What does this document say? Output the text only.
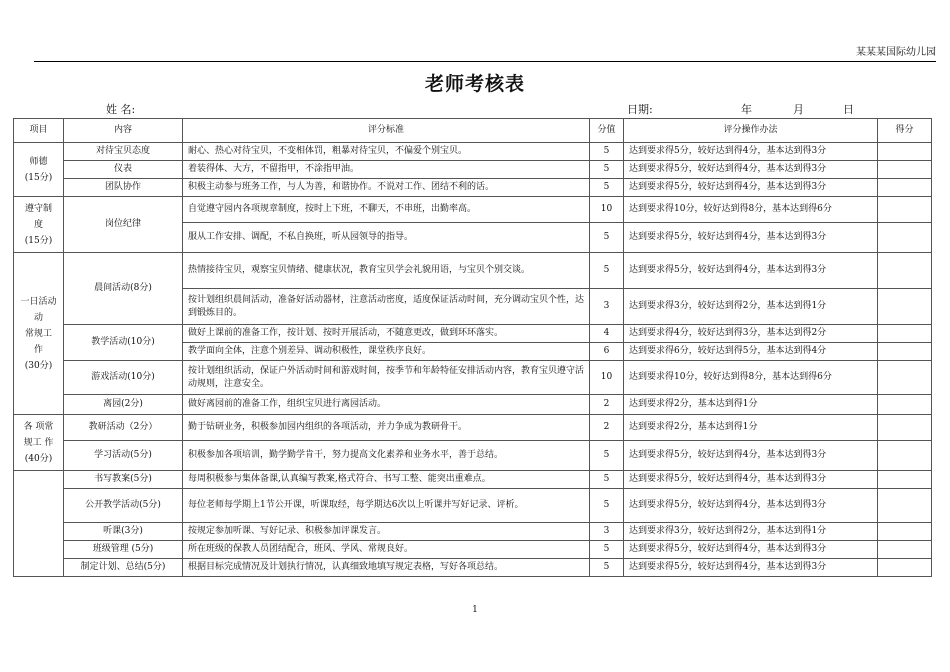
某某某国际幼儿园
老师考核表
姓 名:	日期:	年	月	日
项目	内容	评分标准	分值	评分操作办法	得分

师德
(15分)	对待宝贝态度	耐心、热心对待宝贝，不变相体罚，粗暴对待宝贝，不偏爱个别宝贝。	5	达到要求得5分，较好达到得4分，基本达到得3分	
	仪表	着装得体、大方，不留指甲，不涂指甲油。	5	达到要求得5分，较好达到得4分，基本达到得3分	
	团队协作	积极主动参与班务工作，与人为善，和谐协作。不说对工作、团结不利的话。	5	达到要求得5分，较好达到得4分，基本达到得3分	

遵守制
度
(15分)	岗位纪律	自觉遵守园内各项规章制度，按时上下班，不聊天，不串班，出勤率高。	10	达到要求得10分，较好达到得8分，基本达到得6分	
		服从工作安排、调配，不私自换班，听从园领导的指导。	5	达到要求得5分，较好达到得4分，基本达到得3分	

一日活动
动
常规工
作
(30分)	晨间活动(8分)	热情接待宝贝，观察宝贝情绪、健康状况，教育宝贝学会礼貌用语，与宝贝个别交谈。	5	达到要求得5分，较好达到得4分，基本达到得3分	
		按计划组织晨间活动，准备好活动器材，注意活动密度，适度保证活动时间，充分调动宝贝个性，达到锻炼目的。	3	达到要求得3分，较好达到得2分，基本达到得1分	
	教学活动(10分)	做好上课前的准备工作，按计划、按时开展活动，不随意更改，做到环环落实。	4	达到要求得4分，较好达到得3分，基本达到得2分	
		教学面向全体，注意个别差异、调动积极性，课堂秩序良好。	6	达到要求得6分，较好达到得5分，基本达到得4分	
	游戏活动(10分)	按计划组织活动，保证户外活动时间和游戏时间，按季节和年龄特征安排活动内容，教育宝贝遵守活动规则，注意安全。	10	达到要求得10分，较好达到得8分，基本达到得6分	
	离园(2分)	做好离园前的准备工作，组织宝贝进行离园活动。	2	达到要求得2分，基本达到得1分	

各 项常
规工 作
(40分)	教研活动（2分）	勤于钻研业务，积极参加园内组织的各项活动，并力争成为教研骨干。	2	达到要求得2分，基本达到得1分	
	学习活动(5分)	积极参加各项培训，勤学勤学肯干，努力提高文化素养和业务水平，善于总结。	5	达到要求得5分，较好达到得4分，基本达到得3分	
	书写教案(5分)	每周积极参与集体备课,认真编写教案,格式符合、书写工整、能突出重难点。	5	达到要求得5分，较好达到得4分，基本达到得3分	
	公开教学活动(5分)	每位老师每学期上1节公开课，听课取经，每学期达6次以上听课并写好记录、评析。	5	达到要求得5分，较好达到得4分，基本达到得3分	
	听课(3分)	按规定参加听课、写好记录、积极参加评课发言。	3	达到要求得3分，较好达到得2分，基本达到得1分	
	班级管理 (5分)	所在班级的保教人员团结配合，班风、学风、常规良好。	5	达到要求得5分，较好达到得4分，基本达到得3分	
	制定计划、总结(5分)	根据目标完成情况及计划执行情况，认真细致地填写规定表格，写好各项总结。	5	达到要求得5分，较好达到得4分，基本达到得3分	
1
